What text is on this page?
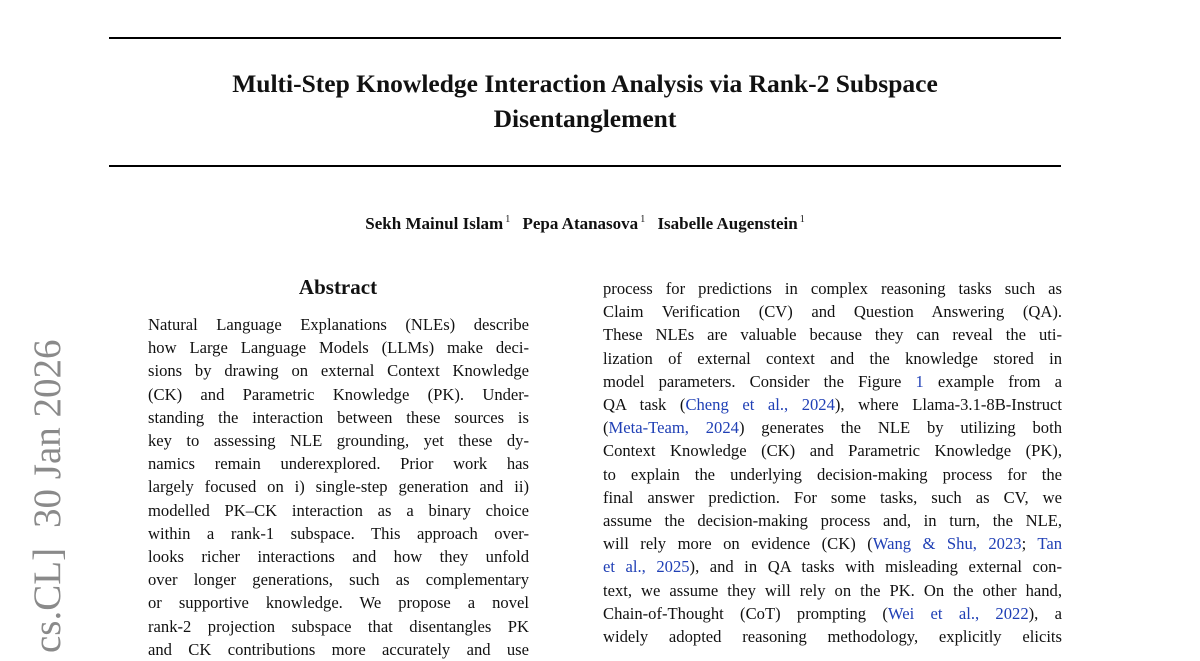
Multi-Step Knowledge Interaction Analysis via Rank-2 Subspace
Disentanglement
Sekh Mainul Islam $^1$ Pepa Atanasova $^1$ Isabelle Augenstein $^1$
cs.CL]30 Jan 2026
Abstract
Natural Language Explanations (NLEs) describe
how Large Language Models (LLMs) make deci-
sions by drawing on external Context Knowledge
(CK) and Parametric Knowledge (PK). Under-
standing the interaction between these sources is
key to assessing NLE grounding, yet these dy-
namics remain underexplored. Prior work has
largely focused on i) single-step generation and ii)
modelled PK–CK interaction as a binary choice
within a rank-1 subspace. This approach over-
looks richer interactions and how they unfold
over longer generations, such as complementary
or supportive knowledge. We propose a novel
rank-2 projection subspace that disentangles PK
and CK contributions more accurately and use
process for predictions in complex reasoning tasks such as
Claim Verification (CV) and Question Answering (QA).
These NLEs are valuable because they can reveal the uti-
lization of external context and the knowledge stored in
model parameters. Consider the Figure 1 example from a
QA task (Cheng et al., 2024), where Llama-3.1-8B-Instruct
(Meta-Team, 2024) generates the NLE by utilizing both
Context Knowledge (CK) and Parametric Knowledge (PK),
to explain the underlying decision-making process for the
final answer prediction. For some tasks, such as CV, we
assume the decision-making process and, in turn, the NLE,
will rely more on evidence (CK) (Wang & Shu, 2023; Tan
et al., 2025), and in QA tasks with misleading external con-
text, we assume they will rely on the PK. On the other hand,
Chain-of-Thought (CoT) prompting (Wei et al., 2022), a
widely adopted reasoning methodology, explicitly elicits
